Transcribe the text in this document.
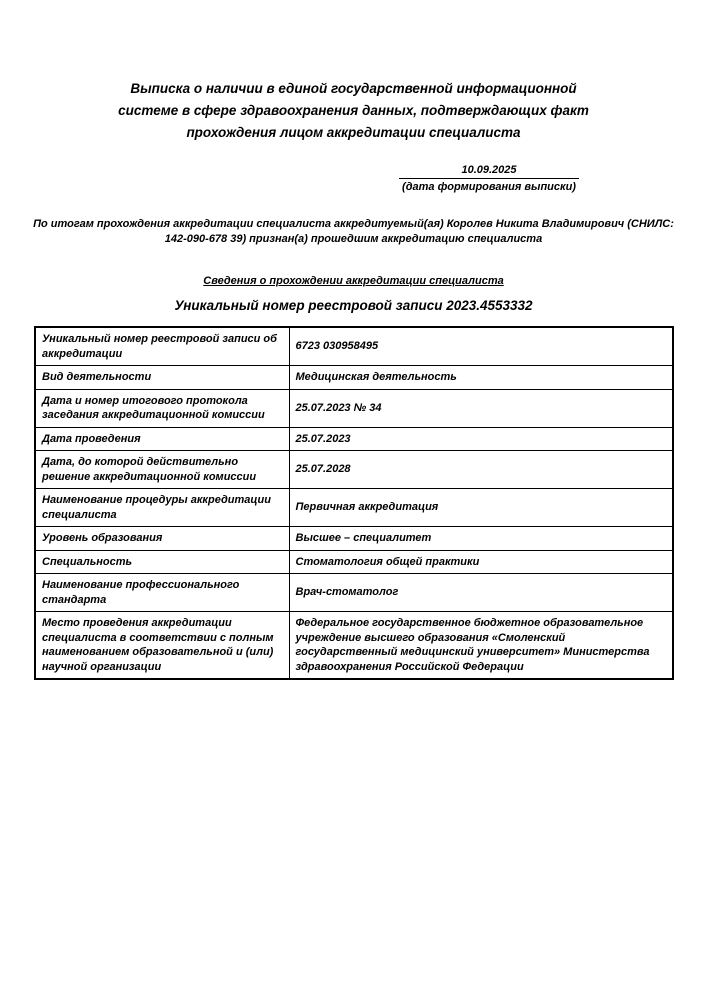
Выписка о наличии в единой государственной информационной
системе в сфере здравоохранения данных, подтверждающих факт
прохождения лицом аккредитации специалиста
10.09.2025
(дата формирования выписки)
По итогам прохождения аккредитации специалиста аккредитуемый(ая) Королев Никита Владимирович (СНИЛС: 142-090-678 39) признан(а) прошедшим аккредитацию специалиста
Сведения о прохождении аккредитации специалиста
Уникальный номер реестровой записи 2023.4553332
Уникальный номер реестровой записи об аккредитации	6723 030958495
Вид деятельности	Медицинская деятельность
Дата и номер итогового протокола заседания аккредитационной комиссии	25.07.2023 № 34
Дата проведения	25.07.2023
Дата, до которой действительно решение аккредитационной комиссии	25.07.2028
Наименование процедуры аккредитации специалиста	Первичная аккредитация
Уровень образования	Высшее – специалитет
Специальность	Стоматология общей практики
Наименование профессионального стандарта	Врач-стоматолог
Место проведения аккредитации специалиста в соответствии с полным наименованием образовательной и (или) научной организации	Федеральное государственное бюджетное образовательное учреждение высшего образования «Смоленский государственный медицинский университет» Министерства здравоохранения Российской Федерации
